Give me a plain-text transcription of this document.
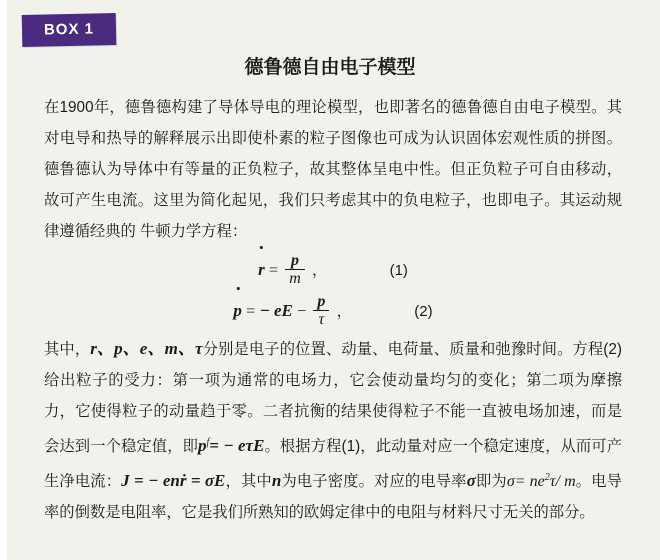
BOX 1
德鲁德自由电子模型
在1900年，德鲁德构建了导体导电的理论模型，也即著名的德鲁德自由电子模型。其对电导和热导的解释展示出即使朴素的粒子图像也可成为认识固体宏观性质的拼图。德鲁德认为导体中有等量的正负粒子，故其整体呈电中性。但正负粒子可自由移动，故可产生电流。这里为简化起见，我们只考虑其中的负电粒子，也即电子。其运动规律遵循经典的 牛顿力学方程：
$r = \frac{p}{m}$ ，	(1)
p = − eE − $\frac{p}{\tau}$ ，	(2)
其中，r、p、e、m、τ分别是电子的位置、动量、电荷量、质量和弛豫时间。方程(2)给出粒子的受力：第一项为通常的电场力，它会使动量均匀的变化；第二项为摩擦力，它使得粒子的动量趋于零。二者抗衡的结果使得粒子不能一直被电场加速，而是会达到一个稳定值，即$p^f= - e\tau E$。根据方程(1)，此动量对应一个稳定速度，从而可产生净电流：J = − enṙ = σE，其中n为电子密度。对应的电导率σ即为$\sigma= ne^2\tau/$ m。电导率的倒数是电阻率，它是我们所熟知的欧姆定律中的电阻与材料尺寸无关的部分。
